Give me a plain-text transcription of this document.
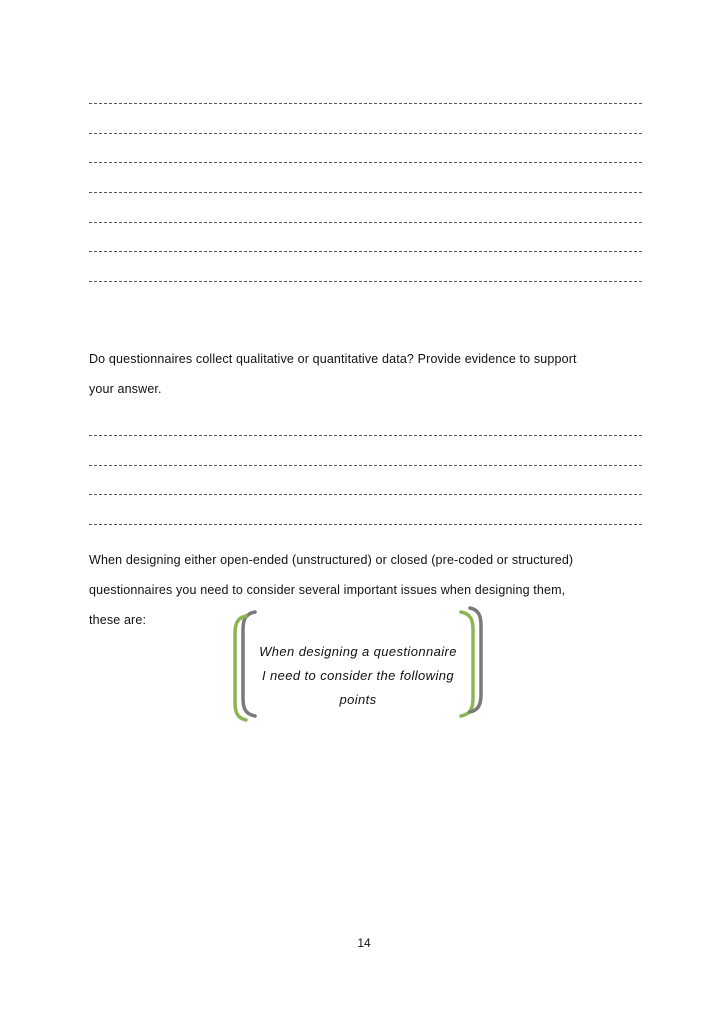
Do questionnaires collect qualitative or quantitative data? Provide evidence to support
your answer.

When designing either open-ended (unstructured) or closed (pre-coded or structured)
questionnaires you need to consider several important issues when designing them,
these are:

When designing a questionnaire
I need to consider the following
points
14
